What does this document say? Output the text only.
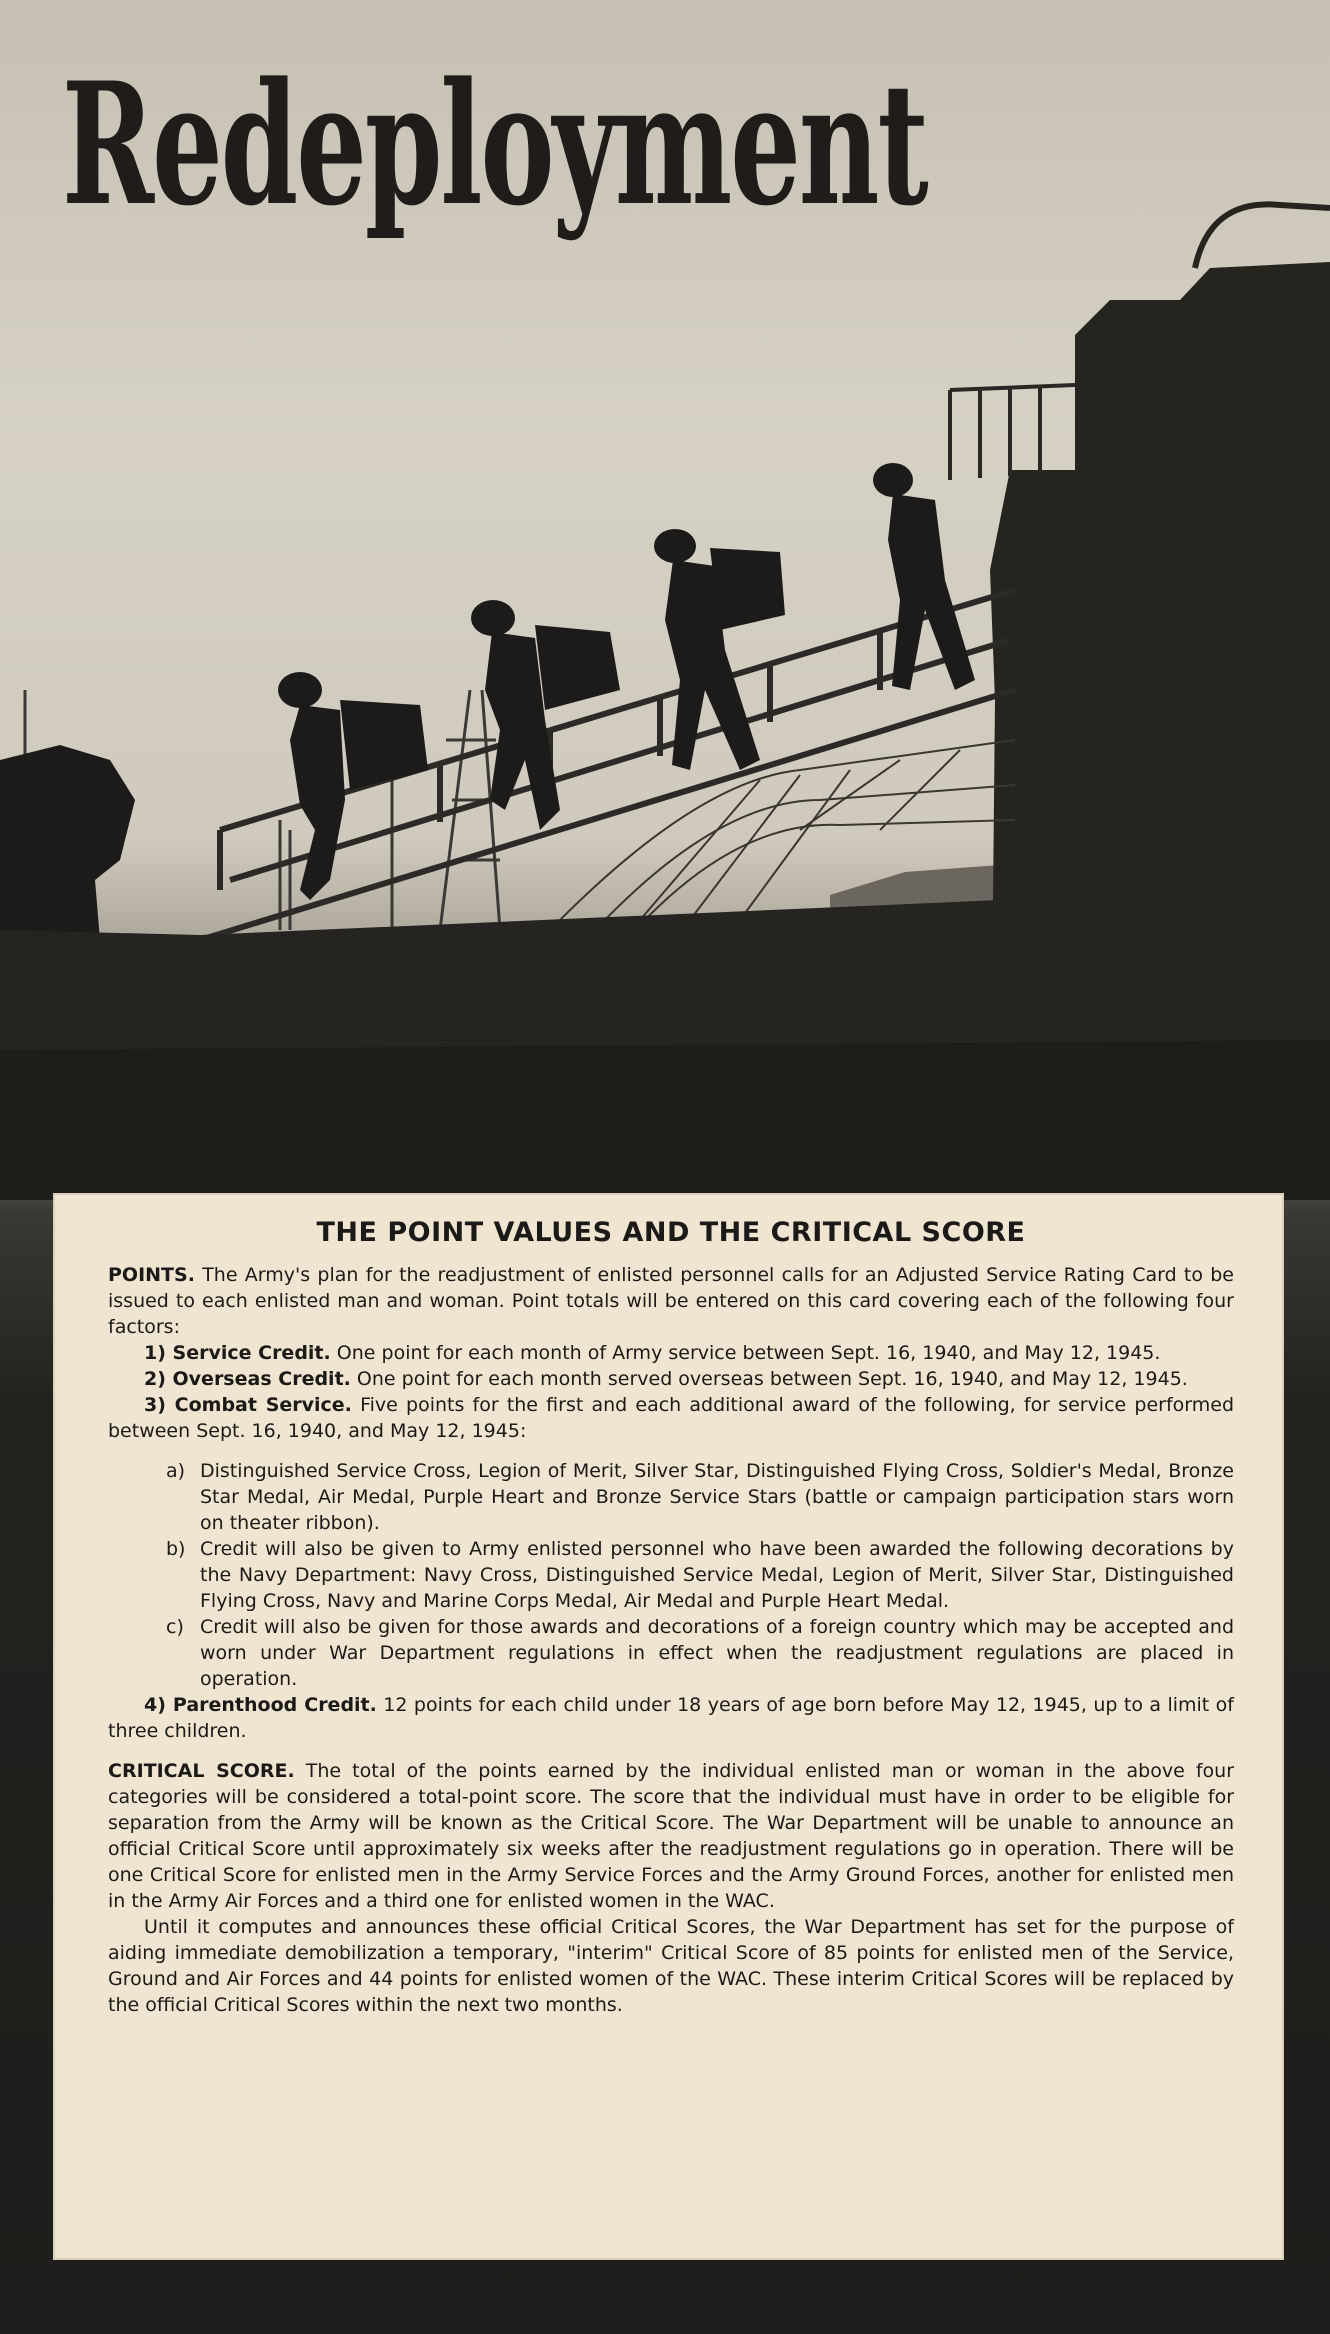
Redeployment
THE POINT VALUES AND THE CRITICAL SCORE

POINTS. The Army's plan for the readjustment of enlisted personnel calls for an Adjusted Service Rating Card to be issued to each enlisted man and woman. Point totals will be entered on this card covering each of the following four factors:

1) Service Credit. One point for each month of Army service between Sept. 16, 1940, and May 12, 1945.

2) Overseas Credit. One point for each month served overseas between Sept. 16, 1940, and May 12, 1945.

3) Combat Service. Five points for the first and each additional award of the following, for service performed between Sept. 16, 1940, and May 12, 1945:

a) Distinguished Service Cross, Legion of Merit, Silver Star, Distinguished Flying Cross, Soldier's Medal, Bronze Star Medal, Air Medal, Purple Heart and Bronze Service Stars (battle or campaign participation stars worn on theater ribbon).
b) Credit will also be given to Army enlisted personnel who have been awarded the following decorations by the Navy Department: Navy Cross, Distinguished Service Medal, Legion of Merit, Silver Star, Distinguished Flying Cross, Navy and Marine Corps Medal, Air Medal and Purple Heart Medal.
c) Credit will also be given for those awards and decorations of a foreign country which may be accepted and worn under War Department regulations in effect when the readjustment regulations are placed in operation.

4) Parenthood Credit. 12 points for each child under 18 years of age born before May 12, 1945, up to a limit of three children.

CRITICAL SCORE. The total of the points earned by the individual enlisted man or woman in the above four categories will be considered a total-point score. The score that the individual must have in order to be eligible for separation from the Army will be known as the Critical Score. The War Department will be unable to announce an official Critical Score until approximately six weeks after the readjustment regulations go in operation. There will be one Critical Score for enlisted men in the Army Service Forces and the Army Ground Forces, another for enlisted men in the Army Air Forces and a third one for enlisted women in the WAC.

Until it computes and announces these official Critical Scores, the War Department has set for the purpose of aiding immediate demobilization a temporary, "interim" Critical Score of 85 points for enlisted men of the Service, Ground and Air Forces and 44 points for enlisted women of the WAC. These interim Critical Scores will be replaced by the official Critical Scores within the next two months.
